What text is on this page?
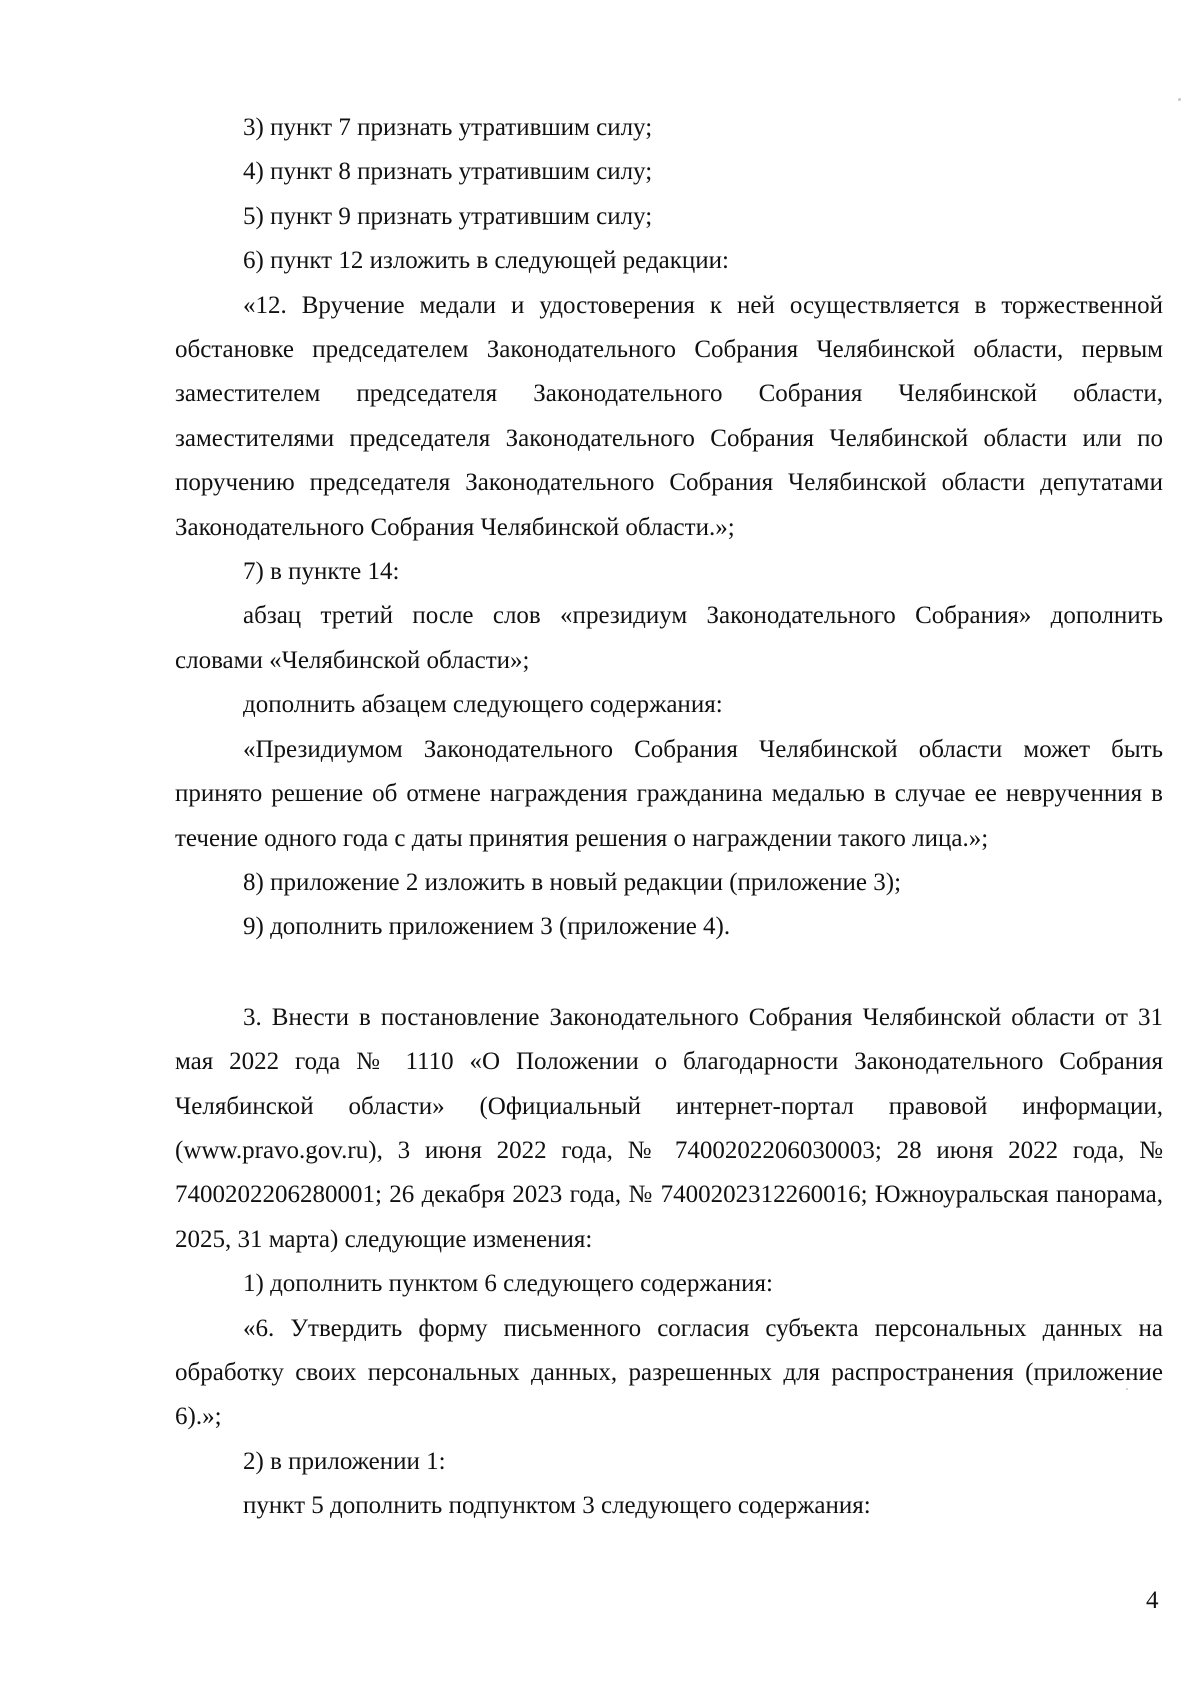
3) пункт 7 признать утратившим силу;

4) пункт 8 признать утратившим силу;

5) пункт 9 признать утратившим силу;

6) пункт 12 изложить в следующей редакции:

«12. Вручение медали и удостоверения к ней осуществляется в торжественной обстановке председателем Законодательного Собрания Челябинской области, первым заместителем председателя Законодательного Собрания Челябинской области, заместителями председателя Законодательного Собрания Челябинской области или по поручению председателя Законодательного Собрания Челябинской области депутатами Законодательного Собрания Челябинской области.»;

7) в пункте 14:

абзац третий после слов «президиум Законодательного Собрания» дополнить словами «Челябинской области»;

дополнить абзацем следующего содержания:

«Президиумом Законодательного Собрания Челябинской области может быть принято решение об отмене награждения гражданина медалью в случае ее неврученния в течение одного года с даты принятия решения о награждении такого лица.»;

8) приложение 2 изложить в новый редакции (приложение 3);

9) дополнить приложением 3 (приложение 4).

3. Внести в постановление Законодательного Собрания Челябинской области от 31 мая 2022 года № 1110 «О Положении о благодарности Законодательного Собрания Челябинской области» (Официальный интернет-портал правовой информации, (www.pravo.gov.ru), 3 июня 2022 года, № 7400202206030003; 28 июня 2022 года, № 7400202206280001; 26 декабря 2023 года, № 7400202312260016; Южноуральская панорама, 2025, 31 марта) следующие изменения:

1) дополнить пунктом 6 следующего содержания:

«6. Утвердить форму письменного согласия субъекта персональных данных на обработку своих персональных данных, разрешенных для распространения (приложение 6).»;

2) в приложении 1:

пункт 5 дополнить подпунктом 3 следующего содержания:

4
